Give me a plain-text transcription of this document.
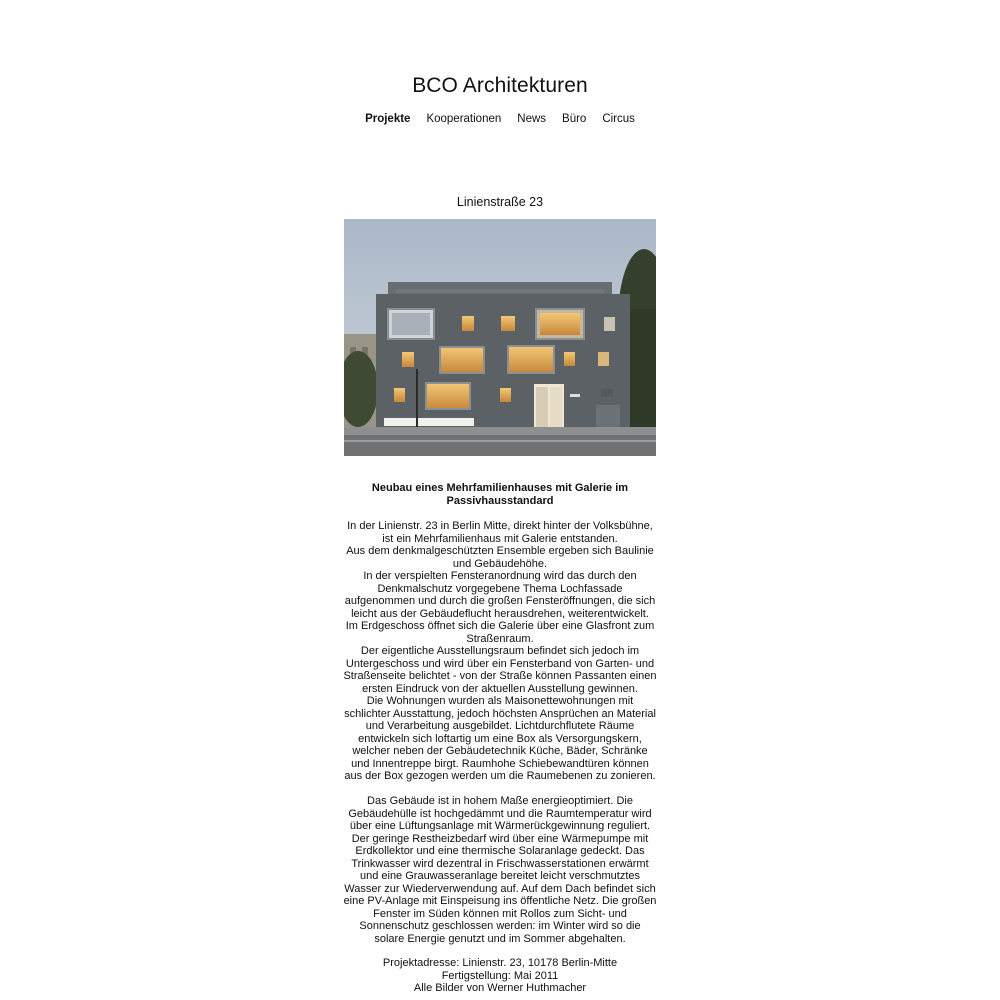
BCO Architekturen
Projekte Kooperationen News Büro Circus
Linienstraße 23
Neubau eines Mehrfamilienhauses mit Galerie im Passivhausstandard

In der Linienstr. 23 in Berlin Mitte, direkt hinter der Volksbühne, ist ein Mehrfamilienhaus mit Galerie entstanden.
Aus dem denkmalgeschützten Ensemble ergeben sich Baulinie und Gebäudehöhe.
In der verspielten Fensteranordnung wird das durch den Denkmalschutz vorgegebene Thema Lochfassade aufgenommen und durch die großen Fensteröffnungen, die sich leicht aus der Gebäudeflucht herausdrehen, weiterentwickelt.
Im Erdgeschoss öffnet sich die Galerie über eine Glasfront zum Straßenraum.
Der eigentliche Ausstellungsraum befindet sich jedoch im Untergeschoss und wird über ein Fensterband von Garten- und Straßenseite belichtet - von der Straße können Passanten einen ersten Eindruck von der aktuellen Ausstellung gewinnen.
Die Wohnungen wurden als Maisonettewohnungen mit schlichter Ausstattung, jedoch höchsten Ansprüchen an Material und Verarbeitung ausgebildet. Lichtdurchflutete Räume entwickeln sich loftartig um eine Box als Versorgungskern, welcher neben der Gebäudetechnik Küche, Bäder, Schränke und Innentreppe birgt. Raumhohe Schiebewandtüren können aus der Box gezogen werden um die Raumebenen zu zonieren.

Das Gebäude ist in hohem Maße energieoptimiert. Die Gebäudehülle ist hochgedämmt und die Raumtemperatur wird über eine Lüftungsanlage mit Wärmerückgewinnung reguliert. Der geringe Restheizbedarf wird über eine Wärmepumpe mit Erdkollektor und eine thermische Solaranlage gedeckt. Das Trinkwasser wird dezentral in Frischwasserstationen erwärmt und eine Grauwasseranlage bereitet leicht verschmutztes Wasser zur Wiederverwendung auf. Auf dem Dach befindet sich eine PV-Anlage mit Einspeisung ins öffentliche Netz. Die großen Fenster im Süden können mit Rollos zum Sicht- und Sonnenschutz geschlossen werden: im Winter wird so die solare Energie genutzt und im Sommer abgehalten.

Projektadresse: Linienstr. 23, 10178 Berlin-Mitte
Fertigstellung: Mai 2011
Alle Bilder von Werner Huthmacher
